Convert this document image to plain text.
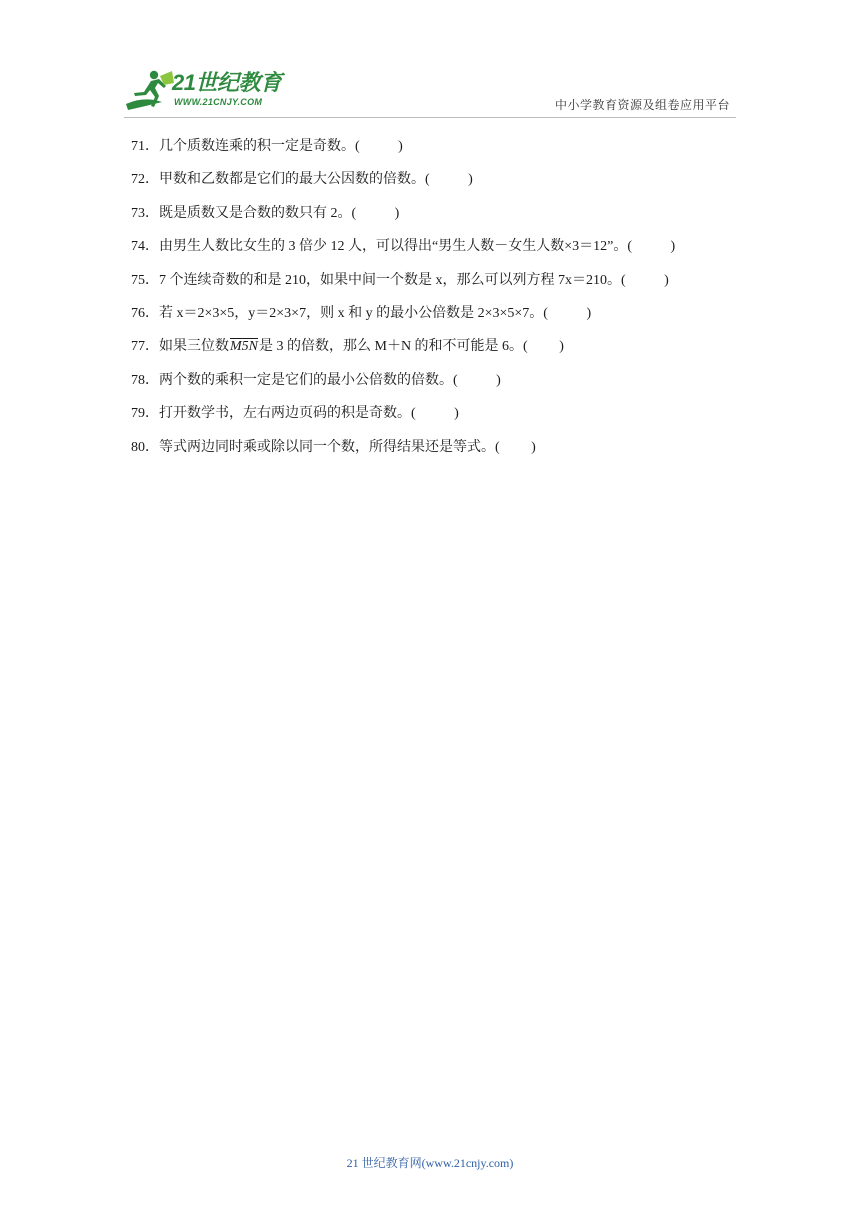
21世纪教育
WWW.21CNJY.COM	中小学教育资源及组卷应用平台
71．几个质数连乘的积一定是奇数。(	)
72．甲数和乙数都是它们的最大公因数的倍数。(	)
73．既是质数又是合数的数只有 2。(	)
74．由男生人数比女生的 3 倍少 12 人，可以得出“男生人数－女生人数×3＝12”。(	)
75．7 个连续奇数的和是 210，如果中间一个数是 x，那么可以列方程 7x＝210。(	)
76．若 x＝2×3×5，y＝2×3×7，则 x 和 y 的最小公倍数是 2×3×5×7。(	)
77．如果三位数M5N是 3 的倍数，那么 M＋N 的和不可能是 6。( )
78．两个数的乘积一定是它们的最小公倍数的倍数。(	)
79．打开数学书，左右两边页码的积是奇数。(	)
80．等式两边同时乘或除以同一个数，所得结果还是等式。( )
21 世纪教育网(www.21cnjy.com)
